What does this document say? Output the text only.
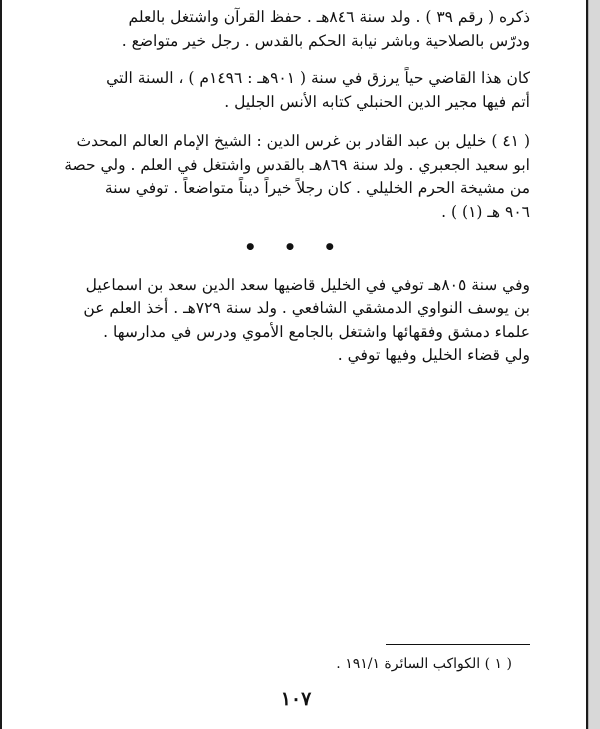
ذكره ( رقم ٣٩ ) . ولد سنة ٨٤٦هـ . حفظ القرآن واشتغل بالعلم
ودرّس بالصلاحية وباشر نيابة الحكم بالقدس . رجل خير متواضع .

كان هذا القاضي حياً يرزق في سنة ( ٩٠١هـ : ١٤٩٦م ) ، السنة التي
أتم فيها مجير الدين الحنبلي كتابه الأنس الجليل .

( ٤١ ) خليل بن عبد القادر بن غرس الدين : الشيخ الإمام العالم المحدث
ابو سعيد الجعبري . ولد سنة ٨٦٩هـ بالقدس واشتغل في العلم . ولي حصة
من مشيخة الحرم الخليلي . كان رجلاً خيراً ديناً متواضعاً . توفي سنة
٩٠٦ هـ (١) ) .

• • •

وفي سنة ٨٠٥هـ توفي في الخليل قاضيها سعد الدين سعد بن اسماعيل
بن يوسف النواوي الدمشقي الشافعي . ولد سنة ٧٢٩هـ . أخذ العلم عن
علماء دمشق وفقهائها واشتغل بالجامع الأموي ودرس في مدارسها .
ولي قضاء الخليل وفيها توفي .

( ١ ) الكواكب السائرة ١٩١/١ .
١٠٧
